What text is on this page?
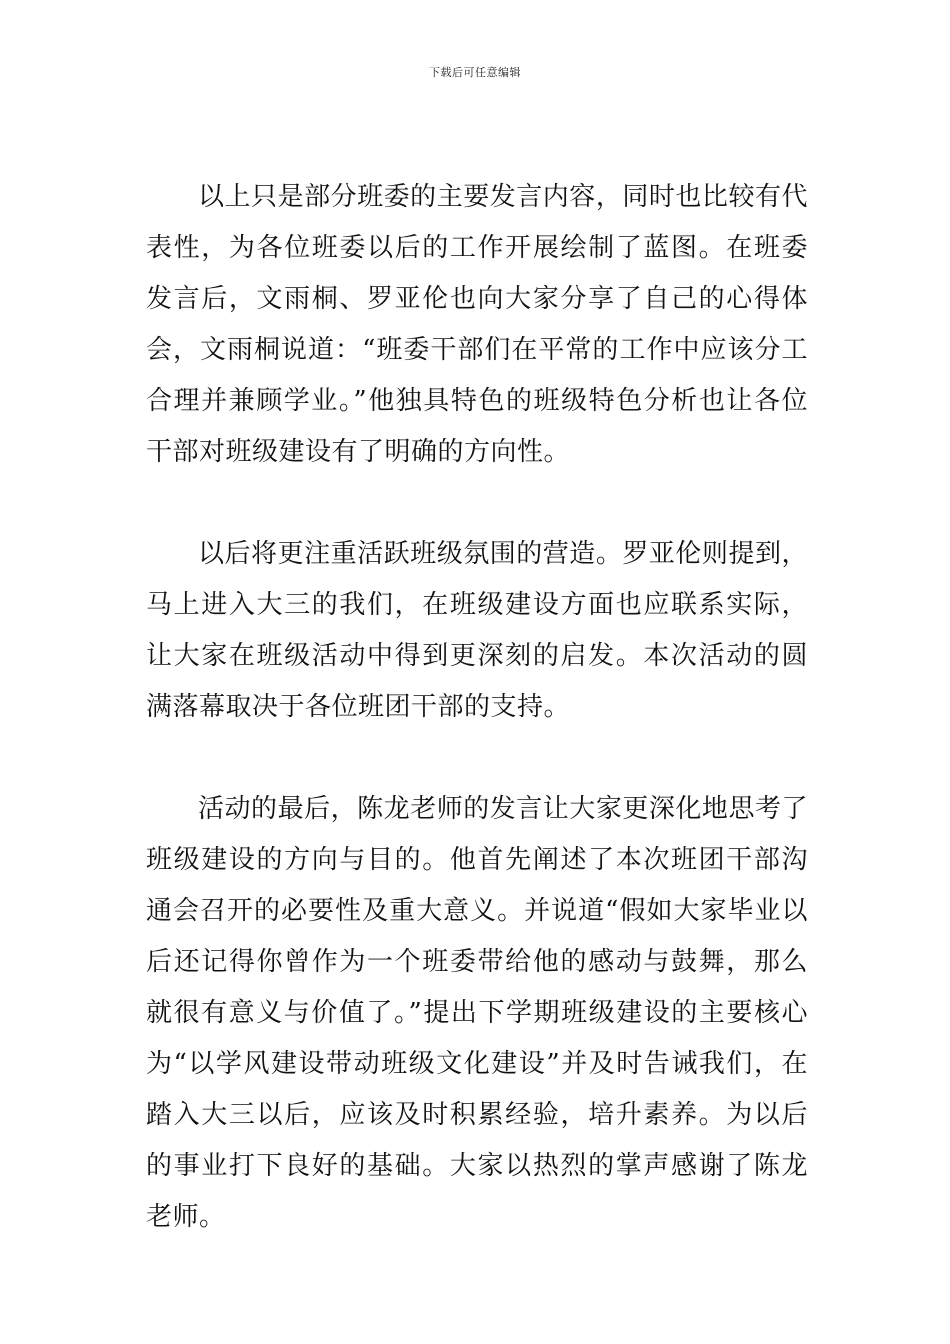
下载后可任意编辑

以上只是部分班委的主要发言内容，同时也比较有代表性，为各位班委以后的工作开展绘制了蓝图。在班委发言后，文雨桐、罗亚伦也向大家分享了自己的心得体会，文雨桐说道：“班委干部们在平常的工作中应该分工合理并兼顾学业。”他独具特色的班级特色分析也让各位干部对班级建设有了明确的方向性。

以后将更注重活跃班级氛围的营造。罗亚伦则提到，马上进入大三的我们，在班级建设方面也应联系实际，让大家在班级活动中得到更深刻的启发。本次活动的圆满落幕取决于各位班团干部的支持。

活动的最后，陈龙老师的发言让大家更深化地思考了班级建设的方向与目的。他首先阐述了本次班团干部沟通会召开的必要性及重大意义。并说道“假如大家毕业以后还记得你曾作为一个班委带给他的感动与鼓舞，那么就很有意义与价值了。”提出下学期班级建设的主要核心为“以学风建设带动班级文化建设”并及时告诫我们，在踏入大三以后，应该及时积累经验，培升素养。为以后的事业打下良好的基础。大家以热烈的掌声感谢了陈龙老师。
